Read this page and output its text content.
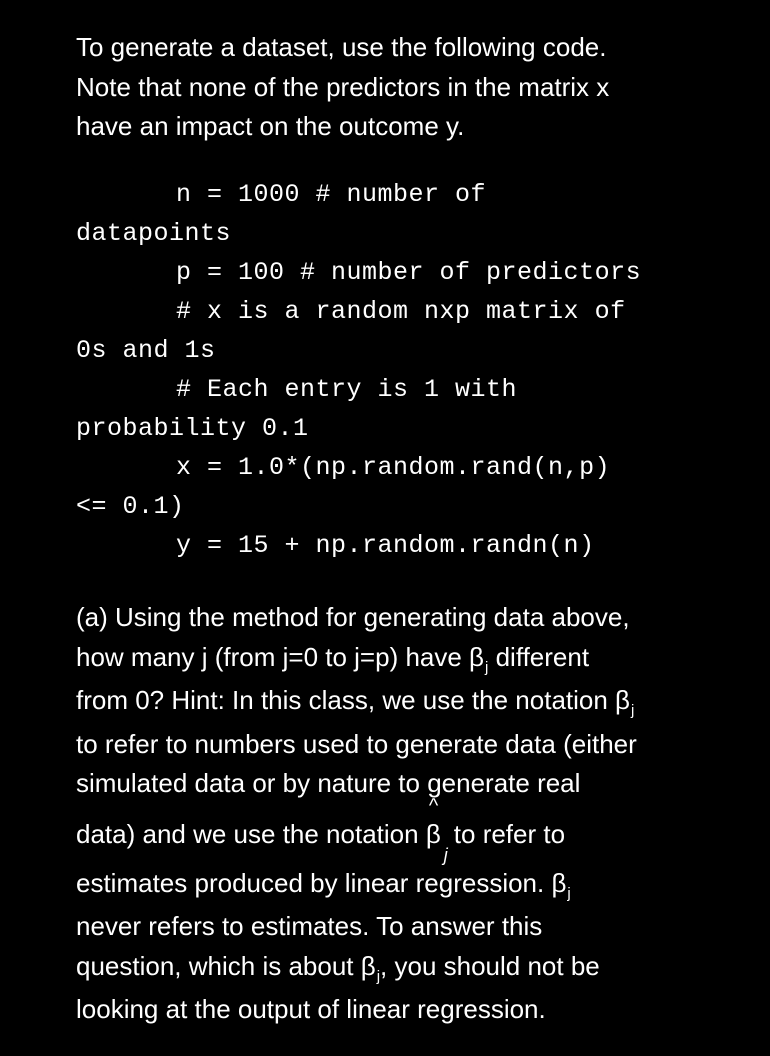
To generate a dataset, use the following code.
Note that none of the predictors in the matrix x
have an impact on the outcome y.
n = 1000 # number of
datapoints
p = 100 # number of predictors
# x is a random nxp matrix of
0s and 1s
# Each entry is 1 with
probability 0.1
x = 1.0*(np.random.rand(n,p)
<= 0.1)
y = 15 + np.random.randn(n)
(a) Using the method for generating data above,
how many j (from j=0 to j=p) have $\beta_j$ different
from 0? Hint: In this class, we use the notation $\beta_j$
to refer to numbers used to generate data (either
simulated data or by nature to generate real
data) and we use the notation
^
$\beta_jto$ refer to
estimates produced by linear regression. $\beta_j$
never refers to estimates. To answer this
question, which is about $\beta_j$, you should not be
looking at the output of linear regression.
